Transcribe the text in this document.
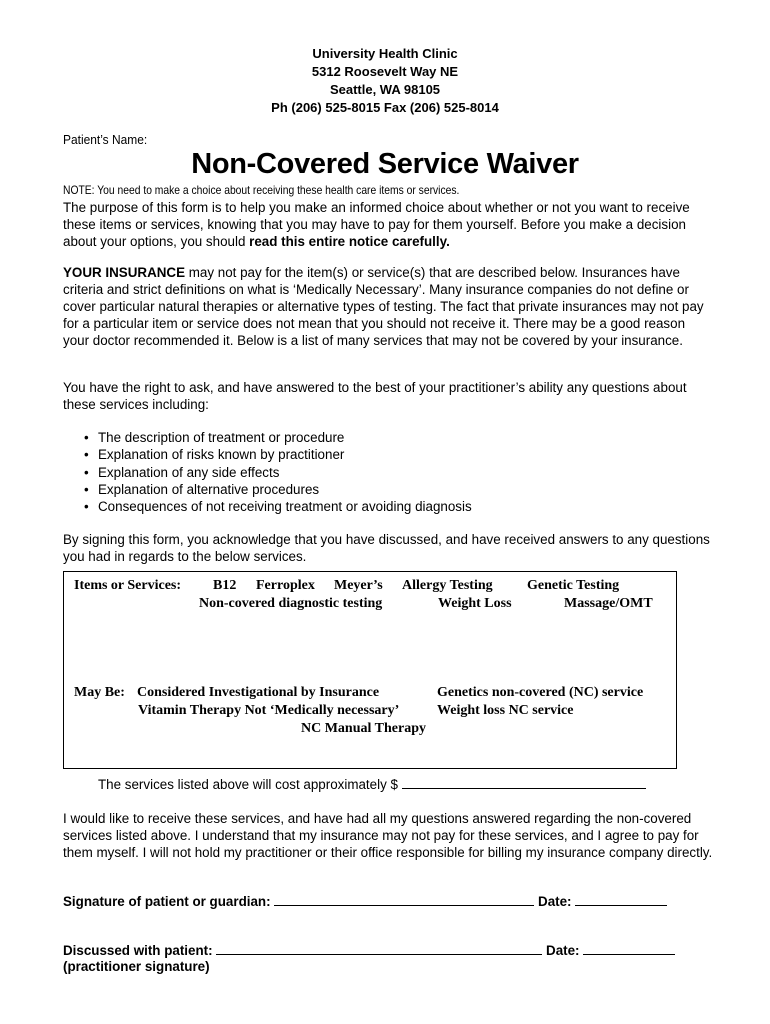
University Health Clinic
5312 Roosevelt Way NE
Seattle, WA 98105
Ph (206) 525-8015 Fax (206) 525-8014
Patient’s Name:
Non-Covered Service Waiver
NOTE: You need to make a choice about receiving these health care items or services.
The purpose of this form is to help you make an informed choice about whether or not you want to receive these items or services, knowing that you may have to pay for them yourself. Before you make a decision about your options, you should read this entire notice carefully.
YOUR INSURANCE may not pay for the item(s) or service(s) that are described below. Insurances have criteria and strict definitions on what is ‘Medically Necessary’. Many insurance companies do not define or cover particular natural therapies or alternative types of testing. The fact that private insurances may not pay for a particular item or service does not mean that you should not receive it. There may be a good reason your doctor recommended it. Below is a list of many services that may not be covered by your insurance.
You have the right to ask, and have answered to the best of your practitioner’s ability any questions about these services including:
• The description of treatment or procedure
• Explanation of risks known by practitioner
• Explanation of any side effects
• Explanation of alternative procedures
• Consequences of not receiving treatment or avoiding diagnosis
By signing this form, you acknowledge that you have discussed, and have received answers to any questions you had in regards to the below services.
Items or Services: B12 Ferroplex Meyer’s Allergy Testing Genetic Testing
Non-covered diagnostic testing	Weight Loss	Massage/OMT
May Be: Considered Investigational by Insurance	Genetics non-covered (NC) service
Vitamin Therapy Not ‘Medically necessary’	Weight loss NC service
NC Manual Therapy
The services listed above will cost approximately $
I would like to receive these services, and have had all my questions answered regarding the non-covered services listed above. I understand that my insurance may not pay for these services, and I agree to pay for them myself. I will not hold my practitioner or their office responsible for billing my insurance company directly.
Signature of patient or guardian:	Date:
Discussed with patient:	Date:
(practitioner signature)
